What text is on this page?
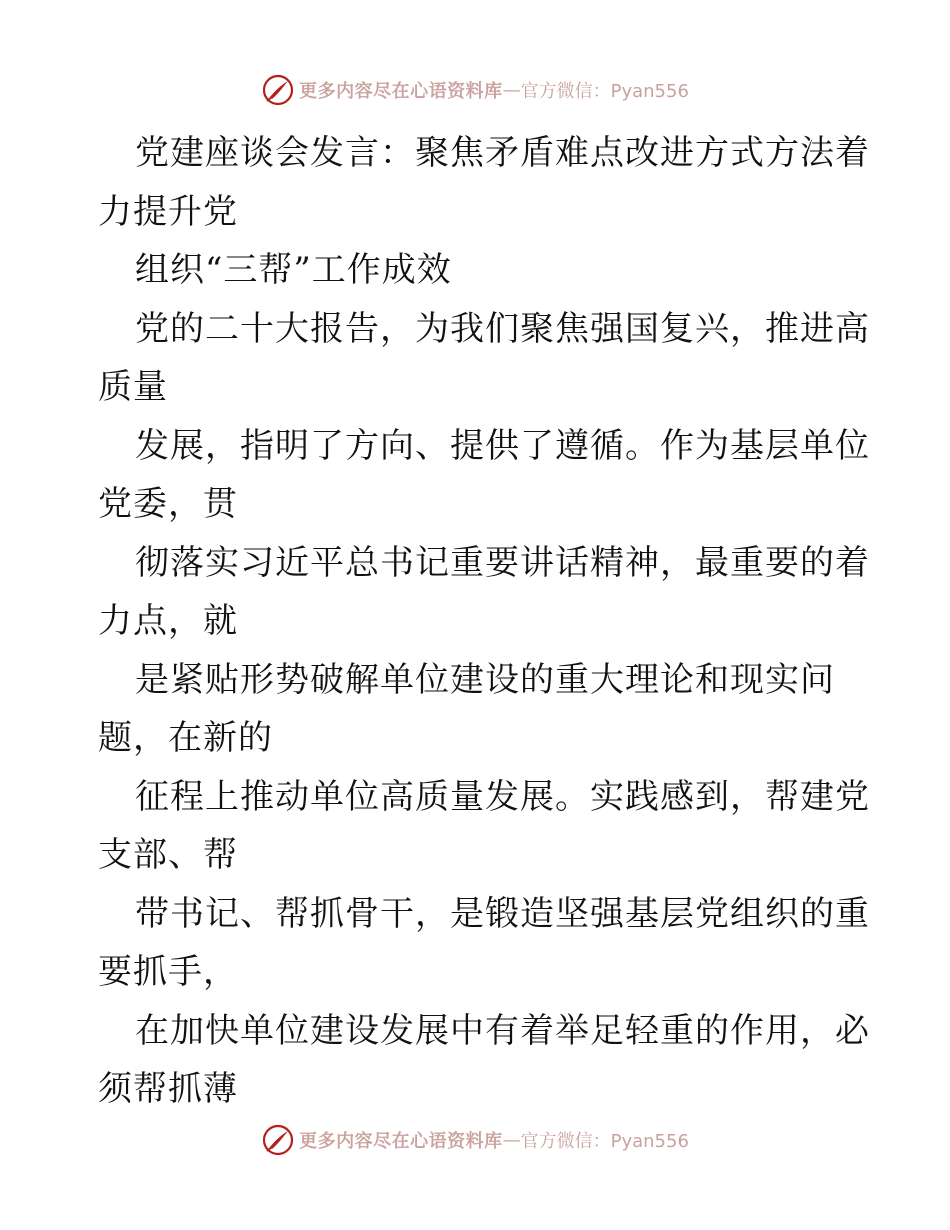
更多内容尽在心语资料库 — 官方微信：Pyan556
党建座谈会发言：聚焦矛盾难点改进方式方法着
力提升党
组织“三帮”工作成效
党的二十大报告，为我们聚焦强国复兴，推进高
质量
发展，指明了方向、提供了遵循。作为基层单位
党委，贯
彻落实习近平总书记重要讲话精神，最重要的着
力点，就
是紧贴形势破解单位建设的重大理论和现实问
题，在新的
征程上推动单位高质量发展。实践感到，帮建党
支部、帮
带书记、帮抓骨干，是锻造坚强基层党组织的重
要抓手，
在加快单位建设发展中有着举足轻重的作用，必
须帮抓薄
更多内容尽在心语资料库 — 官方微信：Pyan556
